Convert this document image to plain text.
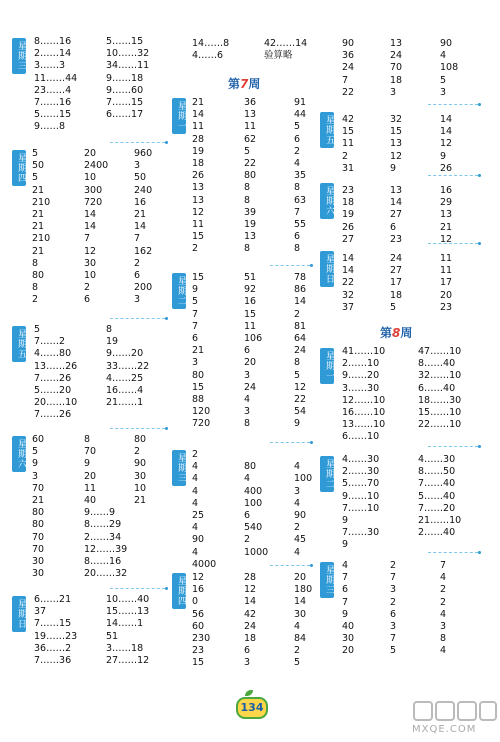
星期三 8……16	5……15
2……14	10……32
3……3	34……11
11……44	9……18
23……4	9……60
7……16	7……15
5……15	6……17
9……8
星期四 5	20	960
50	2400	3
5	10	50
21	300	240
210	720	16
21	14	21
21	14	14
210	7	7
21	12	162
8	30	2
80	10	6
8	2	200
2	6	3
星期五 5	8
7……2	19
4……80	9……20
13……26	33……22
7……26	4……25
5……20	16……4
20……10	21……1
7……26
星期六 60	8	80
5	70	2
9	9	90
3	20	30
70	11	10
21	40	21
80	9……9
80	8……29
70	2……34
70	12……39
30	8……16
30	20……32
星期日 6……21	10……40
37	15……13
7……15	14……1
19……23	51
36……2	3……18
7……36	27……12
14……8	42……14
4……6	验算略
第7周
星期一 21	36	91
14	13	44
11	11	5
28	62	6
19	5	2
18	22	4
26	80	35
13	8	8
13	8	63
12	39	7
11	19	55
15	13	6
2	8	8
星期二 15	51	78
9	92	86
5	16	14
7	15	2
7	11	81
6	106	64
21	6	24
3	20	8
80	3	5
15	24	12
88	4	22
120	3	54
720	8	9
星期三 2
4	80	4
4	4	100
4	400	3
4	100	4
25	6	90
4	540	2
90	2	45
4	1000	4
4000
星期四 12	28	20
16	12	180
0	14	14
56	42	30
60	24	4
230	18	84
23	6	2
15	3	5
90	13	90
36	24	4
24	70	108
7	18	5
22	3	3
星期五 42	32	14
15	15	14
11	13	12
2	12	9
31	9	26
星期六 23	13	16
18	14	29
19	27	13
26	6	21
27	23	12
星期日 14	24	11
14	27	11
22	17	17
32	18	20
37	5	23
第8周
星期一 41……10	47……10
2……10	8……40
9……20	32……10
3……30	6……40
12……10	18……30
16……10	15……10
13……10	22……10
6……10
星期二 4……30	4……30
2……30	8……50
5……70	7……40
9……10	5……40
7……10	7……20
9	21……10
7……30	2……40
9
星期三 4	2	7
7	7	4
6	3	2
7	2	2
9	6	4
40	3	3
30	7	8
20	5	4
134
MXQE.COM
